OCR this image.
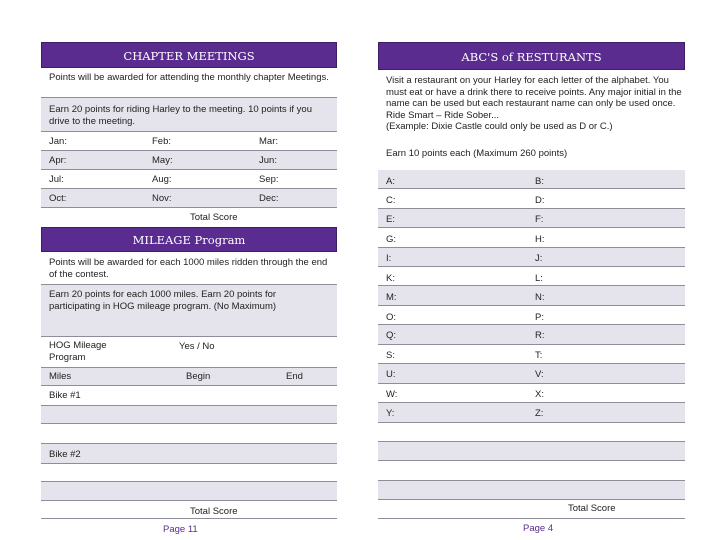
CHAPTER MEETINGS
Points will be awarded for attending the monthly chapter Meetings.
Earn 20 points for riding Harley to the meeting. 10 points if you drive to the meeting.
Jan:	Feb:	Mar:
Apr:	May:	Jun:
Jul:	Aug:	Sep:
Oct:	Nov:	Dec:
Total Score
MILEAGE Program
Points will be awarded for each 1000 miles ridden through the end of the contest.
Earn 20 points for each 1000 miles. Earn 20 points for participating in HOG mileage program. (No Maximum)
HOG Mileage Program
Yes / No
Miles	Begin	End
Bike #1
Bike #2
Total Score
Page 11
ABC'S of RESTURANTS
Visit a restaurant on your Harley for each letter of the alphabet. You must eat or have a drink there to receive points. Any major initial in the name can be used but each restaurant name can only be used once. Ride Smart – Ride Sober...
(Example: Dixie Castle could only be used as D or C.)
Earn 10 points each (Maximum 260 points)
A:	B:
C:	D:
E:	F:
G:	H:
I:	J:
K:	L:
M:	N:
O:	P:
Q:	R:
S:	T:
U:	V:
W:	X:
Y:	Z:
Total Score
Page 4
